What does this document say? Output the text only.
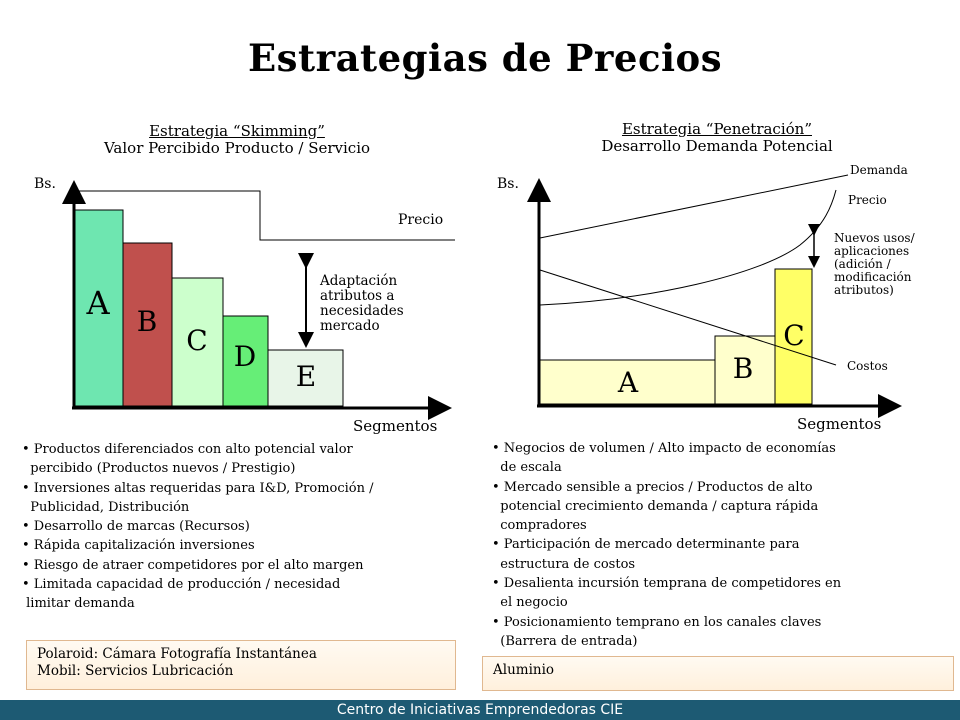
Estrategias de Precios
Estrategia “Skimming”
Valor Percibido Producto / Servicio
Estrategia “Penetración”
Desarrollo Demanda Potencial
A B
C D
E	A	B
C
Bs.
Precio
Segmentos
Adaptación
atributos a
necesidades
mercado
Bs.
Demanda
Precio
Costos
Segmentos
Nuevos usos/
aplicaciones
(adición /
modificación
atributos)
• Productos diferenciados con alto potencial valor
percibido (Productos nuevos / Prestigio)
• Inversiones altas requeridas para I&D, Promoción /
Publicidad, Distribución
• Desarrollo de marcas (Recursos)
• Rápida capitalización inversiones
• Riesgo de atraer competidores por el alto margen
• Limitada capacidad de producción / necesidad
limitar demanda
• Negocios de volumen / Alto impacto de economías
de escala
• Mercado sensible a precios / Productos de alto
potencial crecimiento demanda / captura rápida
compradores
• Participación de mercado determinante para
estructura de costos
• Desalienta incursión temprana de competidores en
el negocio
• Posicionamiento temprano en los canales claves
(Barrera de entrada)
Polaroid: Cámara Fotografía Instantánea
Mobil: Servicios Lubricación	Aluminio
Centro de Iniciativas Emprendedoras CIE
